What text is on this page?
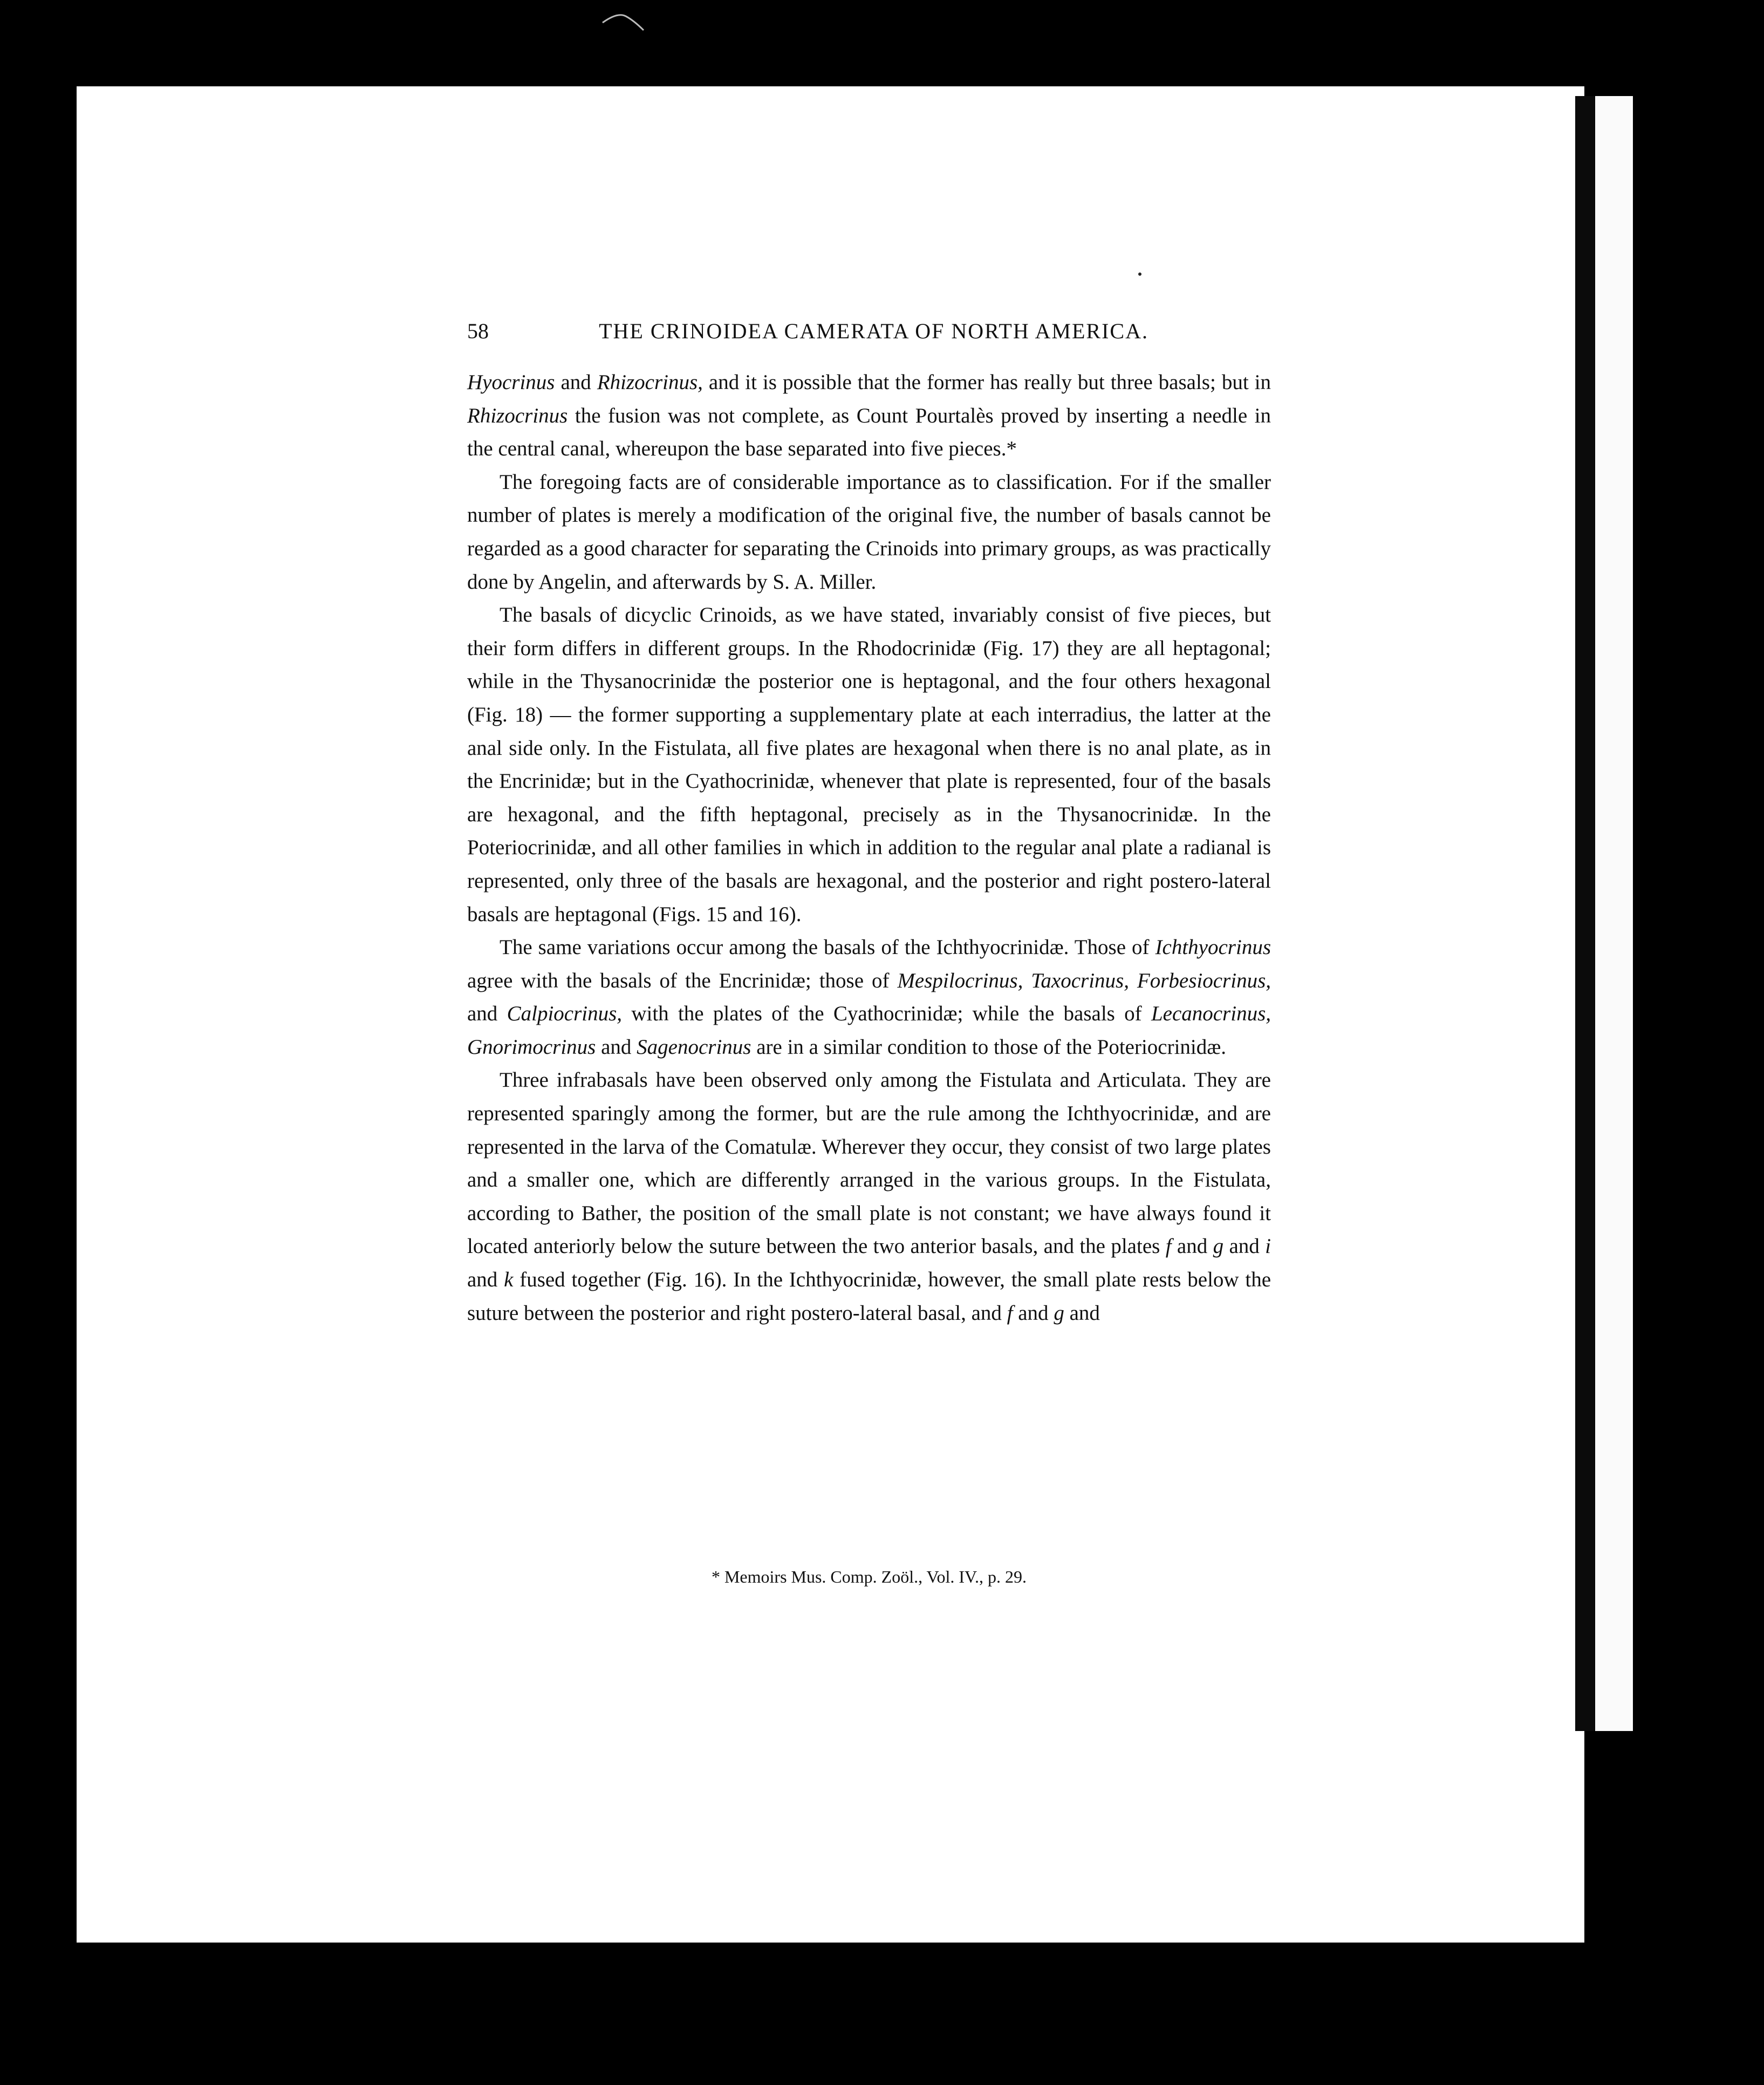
58	THE CRINOIDEA CAMERATA OF NORTH AMERICA.

Hyocrinus and Rhizocrinus, and it is possible that the former has really but three basals; but in Rhizocrinus the fusion was not complete, as Count Pourtalès proved by inserting a needle in the central canal, whereupon the base separated into five pieces.*

The foregoing facts are of considerable importance as to classification. For if the smaller number of plates is merely a modification of the original five, the number of basals cannot be regarded as a good character for separating the Crinoids into primary groups, as was practically done by Angelin, and afterwards by S. A. Miller.

The basals of dicyclic Crinoids, as we have stated, invariably consist of five pieces, but their form differs in different groups. In the Rhodocrinidæ (Fig. 17) they are all heptagonal; while in the Thysanocrinidæ the posterior one is heptagonal, and the four others hexagonal (Fig. 18) — the former supporting a supplementary plate at each interradius, the latter at the anal side only. In the Fistulata, all five plates are hexagonal when there is no anal plate, as in the Encrinidæ; but in the Cyathocrinidæ, whenever that plate is represented, four of the basals are hexagonal, and the fifth heptagonal, precisely as in the Thysanocrinidæ. In the Poteriocrinidæ, and all other families in which in addition to the regular anal plate a radianal is represented, only three of the basals are hexagonal, and the posterior and right postero-lateral basals are heptagonal (Figs. 15 and 16).

The same variations occur among the basals of the Ichthyocrinidæ. Those of Ichthyocrinus agree with the basals of the Encrinidæ; those of Mespilocrinus, Taxocrinus, Forbesiocrinus, and Calpiocrinus, with the plates of the Cyathocrinidæ; while the basals of Lecanocrinus, Gnorimocrinus and Sagenocrinus are in a similar condition to those of the Poteriocrinidæ.

Three infrabasals have been observed only among the Fistulata and Articulata. They are represented sparingly among the former, but are the rule among the Ichthyocrinidæ, and are represented in the larva of the Comatulæ. Wherever they occur, they consist of two large plates and a smaller one, which are differently arranged in the various groups. In the Fistulata, according to Bather, the position of the small plate is not constant; we have always found it located anteriorly below the suture between the two anterior basals, and the plates f and g and i and k fused together (Fig. 16). In the Ichthyocrinidæ, however, the small plate rests below the suture between the posterior and right postero-lateral basal, and f and g and

* Memoirs Mus. Comp. Zoöl., Vol. IV., p. 29.
